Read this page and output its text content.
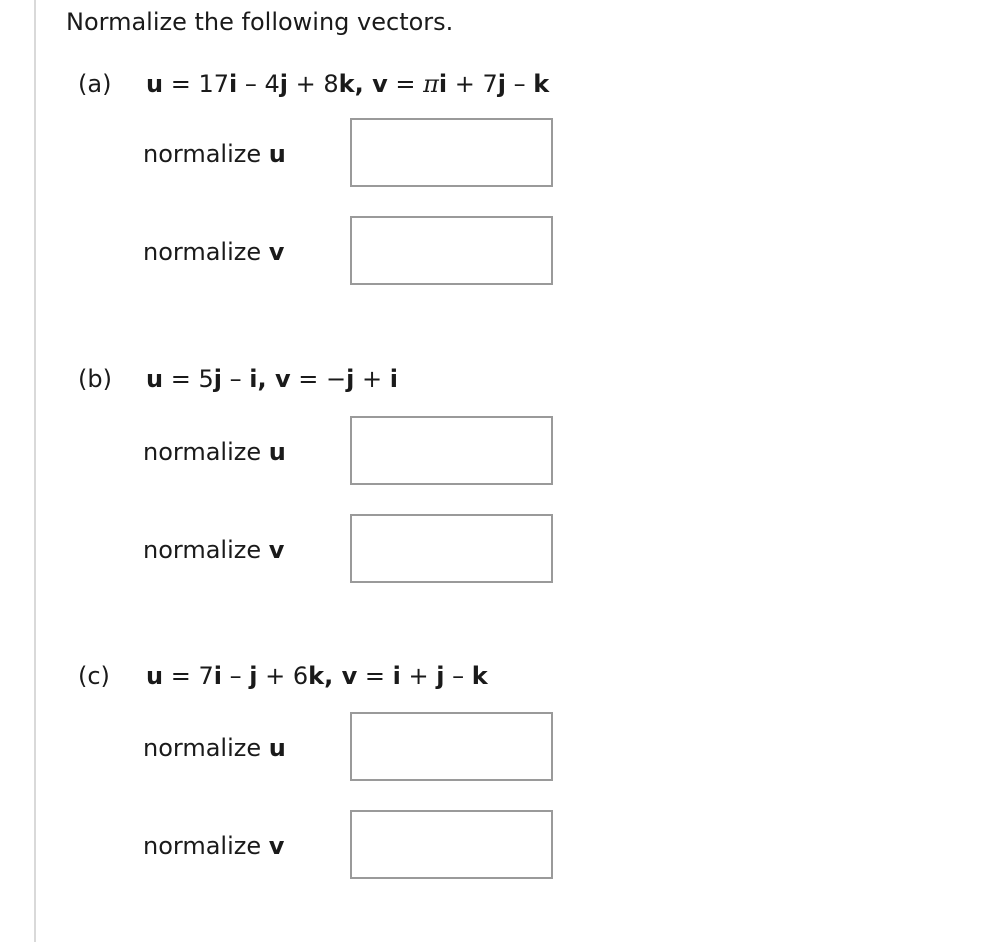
Normalize the following vectors.
(a) u = 17i – 4j + 8k, v = πi + 7j – k
normalize u
normalize v
(b) u = 5j – i, v = −j + i
normalize u
normalize v
(c) u = 7i – j + 6k, v = i + j – k
normalize u
normalize v
